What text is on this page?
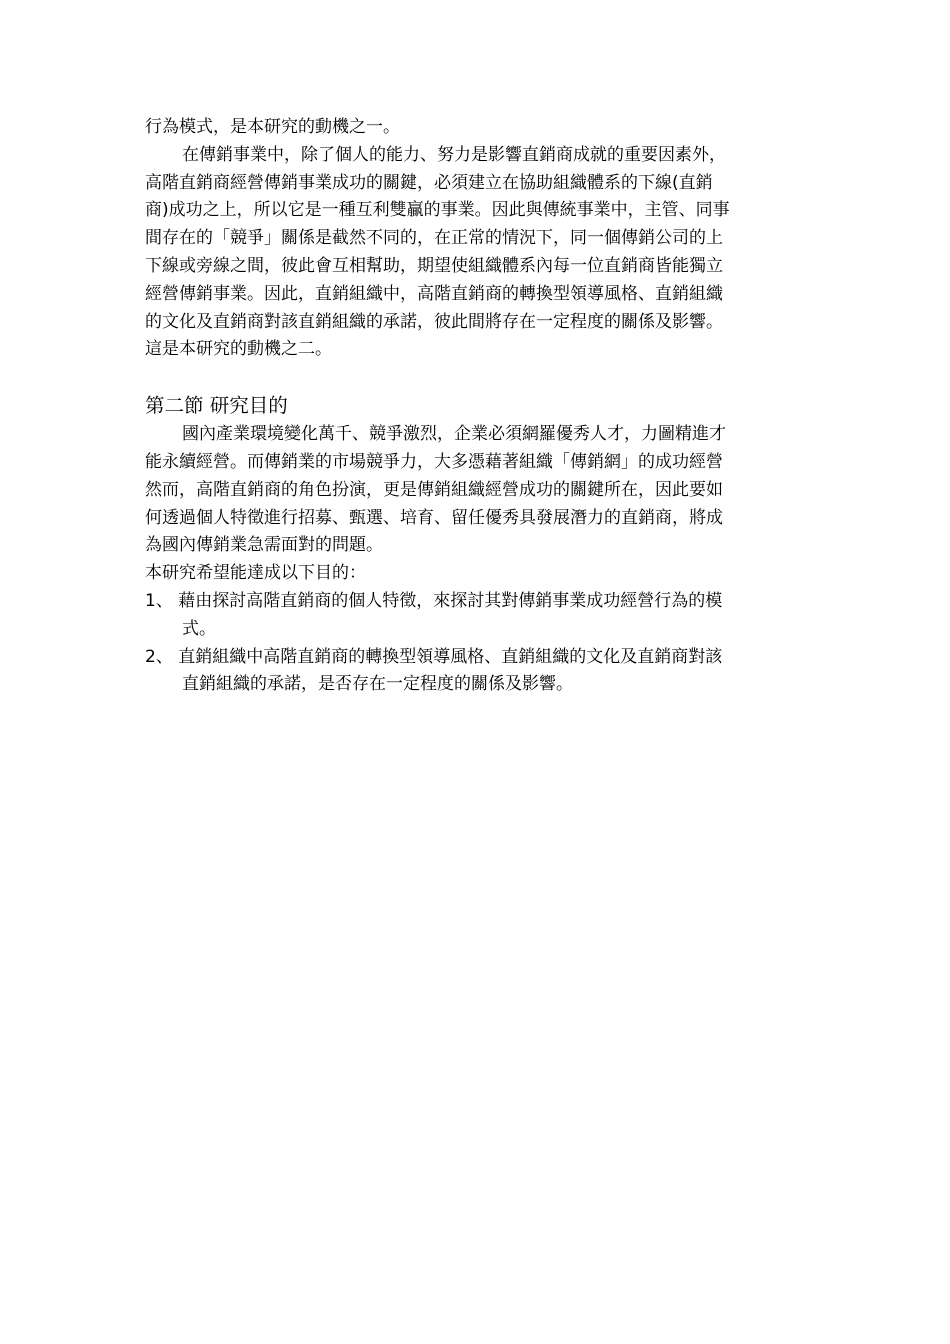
行為模式，是本研究的動機之一。
在傳銷事業中，除了個人的能力、努力是影響直銷商成就的重要因素外，
高階直銷商經營傳銷事業成功的關鍵，必須建立在協助組織體系的下線(直銷
商)成功之上，所以它是一種互利雙贏的事業。因此與傳統事業中，主管、同事
間存在的「競爭」關係是截然不同的，在正常的情況下，同一個傳銷公司的上
下線或旁線之間，彼此會互相幫助，期望使組織體系內每一位直銷商皆能獨立
經營傳銷事業。因此，直銷組織中，高階直銷商的轉換型領導風格、直銷組織
的文化及直銷商對該直銷組織的承諾，彼此間將存在一定程度的關係及影響。
這是本研究的動機之二。
第二節 研究目的
國內產業環境變化萬千、競爭激烈，企業必須網羅優秀人才，力圖精進才
能永續經營。而傳銷業的市場競爭力，大多憑藉著組織「傳銷網」的成功經營
然而，高階直銷商的角色扮演，更是傳銷組織經營成功的關鍵所在，因此要如
何透過個人特徵進行招募、甄選、培育、留任優秀具發展潛力的直銷商，將成
為國內傳銷業急需面對的問題。
本研究希望能達成以下目的：
1、 藉由探討高階直銷商的個人特徵，來探討其對傳銷事業成功經營行為的模
式。
2、 直銷組織中高階直銷商的轉換型領導風格、直銷組織的文化及直銷商對該
直銷組織的承諾，是否存在一定程度的關係及影響。
